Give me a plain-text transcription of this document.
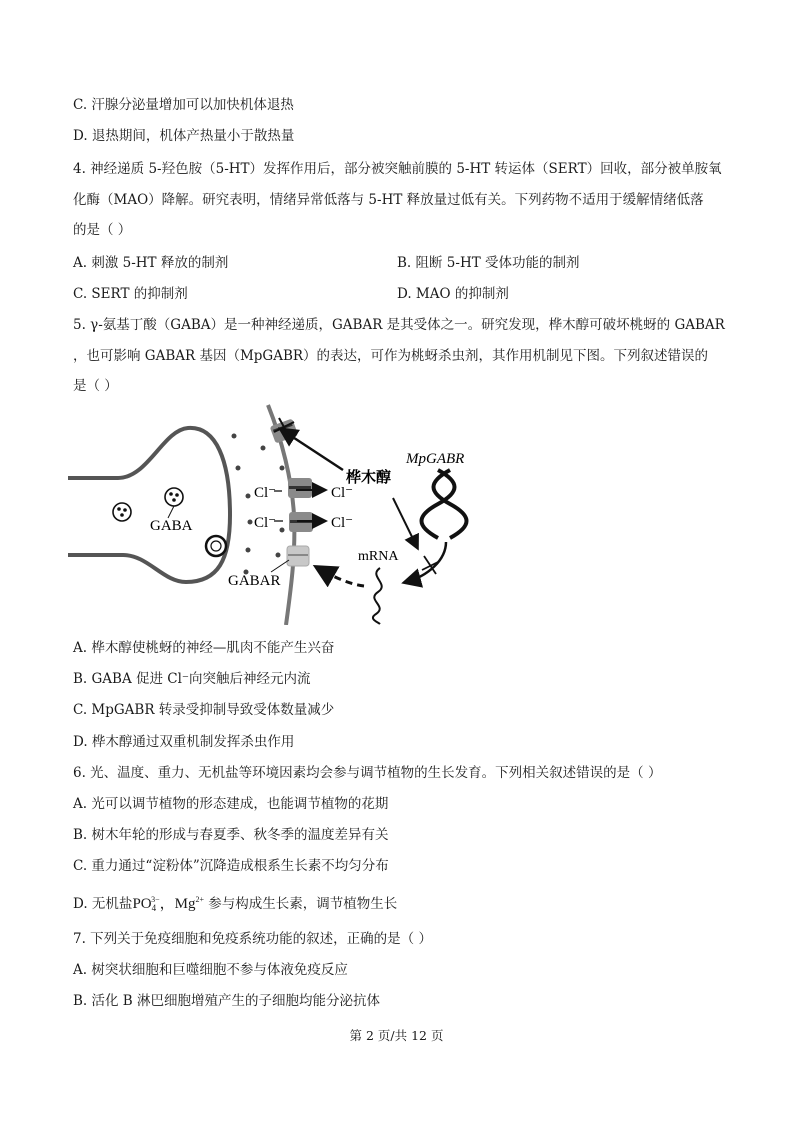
C. 汗腺分泌量增加可以加快机体退热
D. 退热期间，机体产热量小于散热量
4. 神经递质 5-羟色胺（5-HT）发挥作用后，部分被突触前膜的 5-HT 转运体（SERT）回收，部分被单胺氧
化酶（MAO）降解。研究表明，情绪异常低落与 5-HT 释放量过低有关。下列药物不适用于缓解情绪低落
的是（ ）
A. 刺激 5-HT 释放的制剂	B. 阻断 5-HT 受体功能的制剂
C. SERT 的抑制剂	D. MAO 的抑制剂
5. γ-氨基丁酸（GABA）是一种神经递质，GABAR 是其受体之一。研究发现，桦木醇可破坏桃蚜的 GABAR
，也可影响 GABAR 基因（MpGABR）的表达，可作为桃蚜杀虫剂，其作用机制见下图。下列叙述错误的
是（ ）
GABA
Cl⁻	Cl⁻
Cl⁻	Cl⁻
桦木醇
MpGABR
mRNA
GABAR
A. 桦木醇使桃蚜的神经—肌肉不能产生兴奋
B. GABA 促进 Cl⁻向突触后神经元内流
C. MpGABR 转录受抑制导致受体数量减少
D. 桦木醇通过双重机制发挥杀虫作用
6. 光、温度、重力、无机盐等环境因素均会参与调节植物的生长发育。下列相关叙述错误的是（ ）
A. 光可以调节植物的形态建成，也能调节植物的花期
B. 树木年轮的形成与春夏季、秋冬季的温度差异有关
C. 重力通过“淀粉体”沉降造成根系生长素不均匀分布
D. 无机盐$PO_4^{3-}$，$Mg^{2+}$ 参与构成生长素，调节植物生长
7. 下列关于免疫细胞和免疫系统功能的叙述，正确的是（ ）
A. 树突状细胞和巨噬细胞不参与体液免疫反应
B. 活化 B 淋巴细胞增殖产生的子细胞均能分泌抗体
第 2 页/共 12 页
